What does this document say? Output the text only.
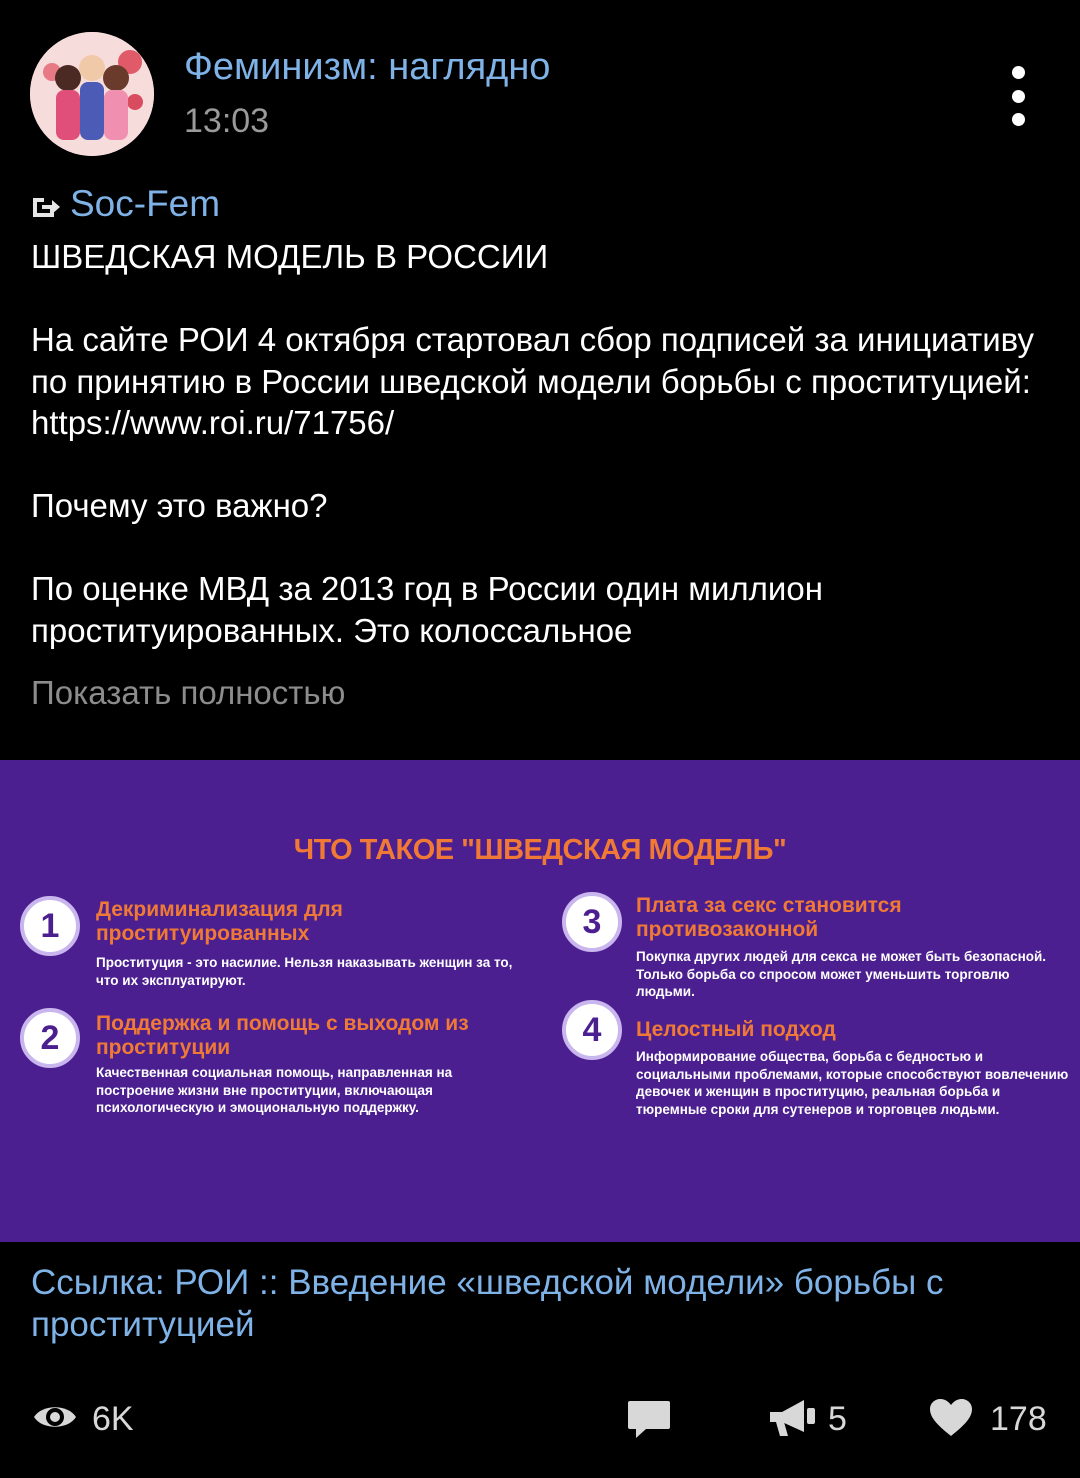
Феминизм: наглядно
13:03
Soc-Fem

ШВЕДСКАЯ МОДЕЛЬ В РОССИИ

На сайте РОИ 4 октября стартовал сбор подписей за инициативу по принятию в России шведской модели борьбы с проституцией: https://www.roi.ru/71756/

Почему это важно?

По оценке МВД за 2013 год в России один миллион проституированных. Это колоссальное

Показать полностью
ЧТО ТАКОЕ "ШВЕДСКАЯ МОДЕЛЬ"
1	Декриминализация для проституированных
Проституция - это насилие. Нельзя наказывать женщин за то, что их эксплуатируют.
2	Поддержка и помощь с выходом из проституции
Качественная социальная помощь, направленная на построение жизни вне проституции, включающая психологическую и эмоциональную поддержку.
3	Плата за секс становится противозаконной
Покупка других людей для секса не может быть безопасной. Только борьба со спросом может уменьшить торговлю людьми.
4	Целостный подход
Информирование общества, борьба с бедностью и социальными проблемами, которые способствуют вовлечению девочек и женщин в проституцию, реальная борьба и тюремные сроки для сутенеров и торговцев людьми.
Ссылка: РОИ :: Введение «шведской модели» борьбы с проституцией
6K	5	178
